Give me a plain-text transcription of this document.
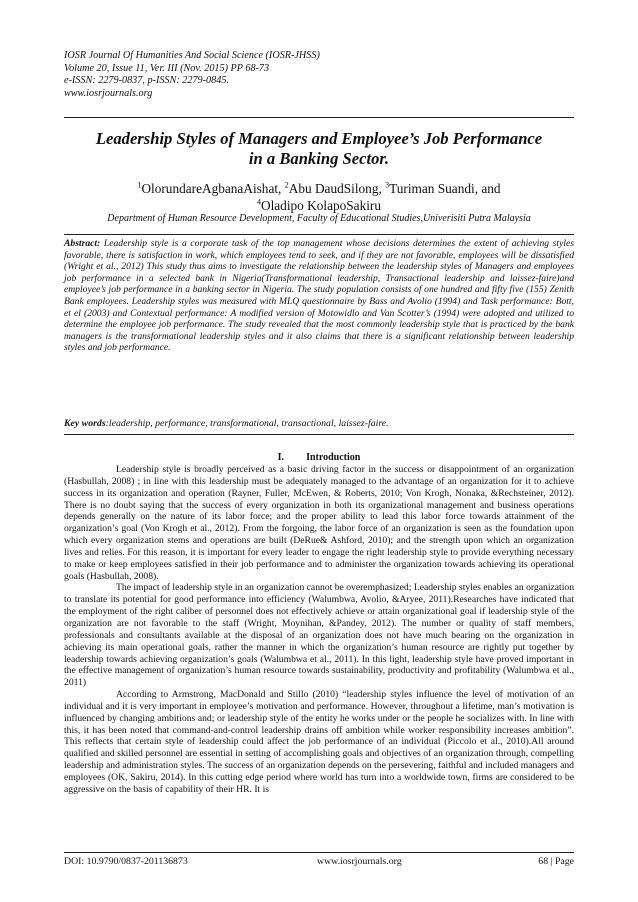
IOSR Journal Of Humanities And Social Science (IOSR-JHSS)
Volume 20, Issue 11, Ver. III (Nov. 2015) PP 68-73
e-ISSN: 2279-0837, p-ISSN: 2279-0845.
www.iosrjournals.org
Leadership Styles of Managers and Employee’s Job Performance
in a Banking Sector.
$^1$OlorundareAgbanaAishat, $^2$Abu DaudSilong, $^3$Turiman Suandi, and
$^4$Oladipo KolapoSakiru
Department of Human Resource Development, Faculty of Educational Studies,Univerisiti Putra Malaysia
Abstract: Leadership style is a corporate task of the top management whose decisions determines the extent of achieving styles favorable, there is satisfaction in work, which employees tend to seek, and if they are not favorable, employees will be dissatisfied (Wright et al., 2012) This study thus aims to investigate the relationship between the leadership styles of Managers and employees job performance in a selected bank in Nigeria(Transformational leadership, Transactional leadership and laissez-faire)and employee’s job performance in a banking sector in Nigeria. The study population consists of one hundred and fifty five (155) Zenith Bank employees. Leadership styles was measured with MLQ questionnaire by Bass and Avolio (1994) and Task performance: Bott, et el (2003) and Contextual performance: A modified version of Motowidlo and Van Scotter’s (1994) were adopted and utilized to determine the employee job performance. The study revealed that the most commonly leadership style that is practiced by the bank managers is the transformational leadership styles and it also claims that there is a significant relationship between leadership styles and job performance.
Key words:leadership, performance, transformational, transactional, laissez-faire.
I. Introduction

Leadership style is broadly perceived as a basic driving factor in the success or disappointment of an organization (Hasbullah, 2008) ; in line with this leadership must be adequately managed to the advantage of an organization for it to achieve success in its organization and operation (Rayner, Fuller, McEwen, & Roberts, 2010; Von Krogh, Nonaka, &Rechsteiner, 2012). There is no doubt saying that the success of every organization in both its organizational management and business operations depends generally on the nature of its labor force; and the proper ability to lead this labor force towards attainment of the organization’s goal (Von Krogh et al., 2012). From the forgoing, the labor force of an organization is seen as the foundation upon which every organization stems and operations are built (DeRue& Ashford, 2010); and the strength upon which an organization lives and relies. For this reason, it is important for every leader to engage the right leadership style to provide everything necessary to make or keep employees satisfied in their job performance and to administer the organization towards achieving its operational goals (Hasbullah, 2008).

The impact of leadership style in an organization cannot be overemphasized; Leadership styles enables an organization to translate its potential for good performance into efficiency (Walumbwa, Avolio, &Aryee, 2011).Researches have indicated that the employment of the right caliber of personnel does not effectively achieve or attain organizational goal if leadership style of the organization are not favorable to the staff (Wright, Moynihan, &Pandey, 2012). The number or quality of staff members, professionals and consultants available at the disposal of an organization does not have much bearing on the organization in achieving its main operational goals, rather the manner in which the organization’s human resource are rightly put together by leadership towards achieving organization’s goals (Walumbwa et al., 2011). In this light, leadership style have proved important in the effective management of organization’s human resource towards sustainability, productivity and profitability (Walumbwa et al., 2011)

According to Armstrong, MacDonald and Stillo (2010) “leadership styles influence the level of motivation of an individual and it is very important in employee’s motivation and performance. However, throughout a lifetime, man’s motivation is influenced by changing ambitions and; or leadership style of the entity he works under or the people he socializes with. In line with this, it has been noted that command-and-control leadership drains off ambition while worker responsibility increases ambition”. This reflects that certain style of leadership could affect the job performance of an individual (Piccolo et al., 2010).All around qualified and skilled personnel are essential in setting of accomplishing goals and objectives of an organization through, compelling leadership and administration styles. The success of an organization depends on the persevering, faithful and included managers and employees (OK, Sakiru, 2014). In this cutting edge period where world has turn into a worldwide town, firms are considered to be aggressive on the basis of capability of their HR. It is

DOI: 10.9790/0837-201136873	www.iosrjournals.org	68 | Page
